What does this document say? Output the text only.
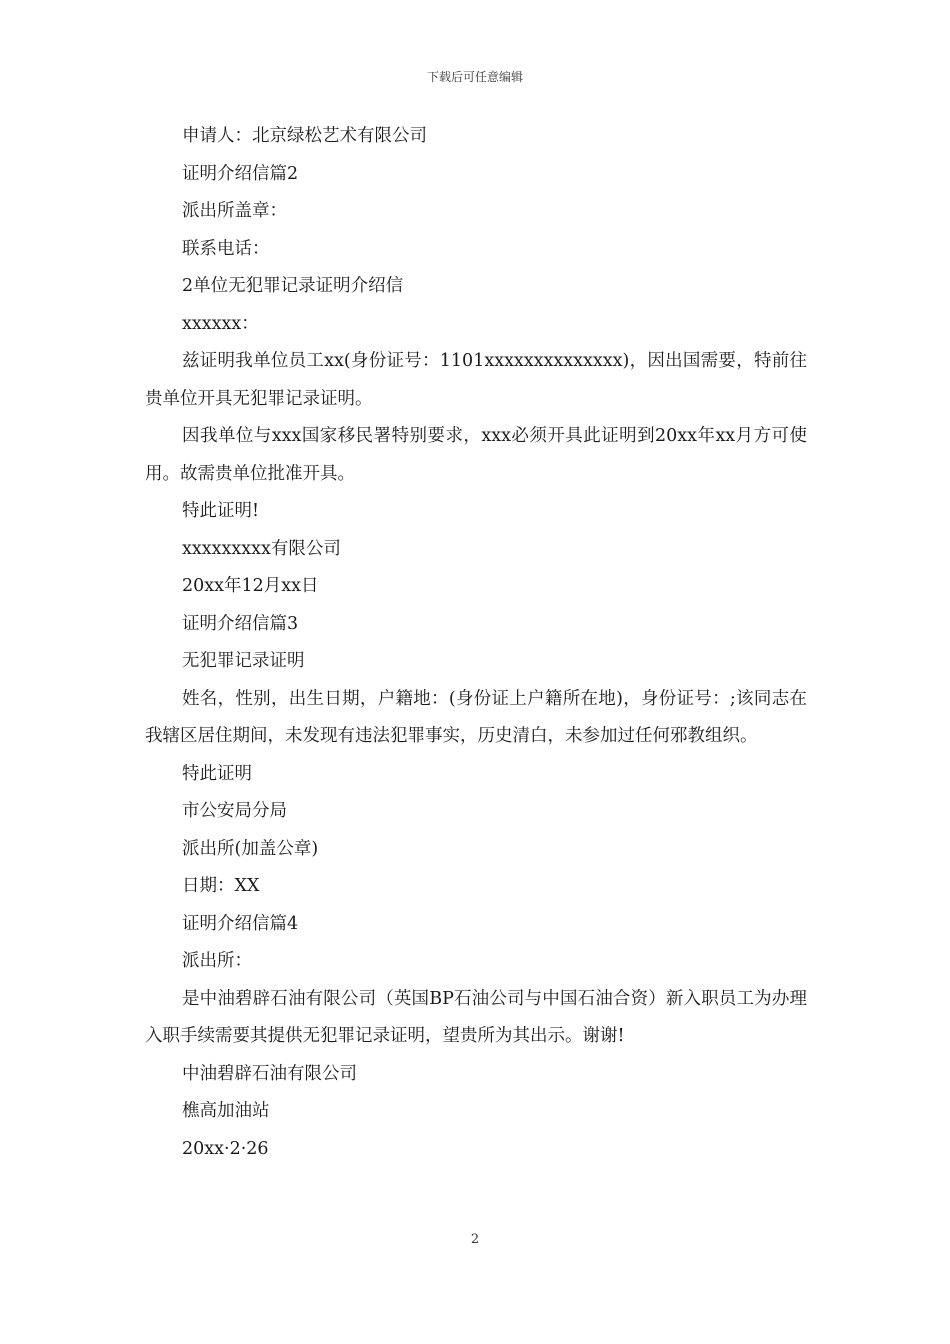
下载后可任意编辑

申请人：北京绿松艺术有限公司

证明介绍信篇2

派出所盖章：

联系电话：

2单位无犯罪记录证明介绍信

xxxxxx：

兹证明我单位员工xx(身份证号：1101xxxxxxxxxxxxxx)，因出国需要，特前往贵单位开具无犯罪记录证明。

因我单位与xxx国家移民署特别要求，xxx必须开具此证明到20xx年xx月方可使用。故需贵单位批准开具。

特此证明!

xxxxxxxxx有限公司

20xx年12月xx日

证明介绍信篇3

无犯罪记录证明

姓名，性别，出生日期，户籍地：(身份证上户籍所在地)，身份证号：;该同志在我辖区居住期间，未发现有违法犯罪事实，历史清白，未参加过任何邪教组织。

特此证明

市公安局分局

派出所(加盖公章)

日期：XX

证明介绍信篇4

派出所：

是中油碧辟石油有限公司（英国BP石油公司与中国石油合资）新入职员工为办理入职手续需要其提供无犯罪记录证明，望贵所为其出示。谢谢!

中油碧辟石油有限公司

樵高加油站

20xx·2·26

2
